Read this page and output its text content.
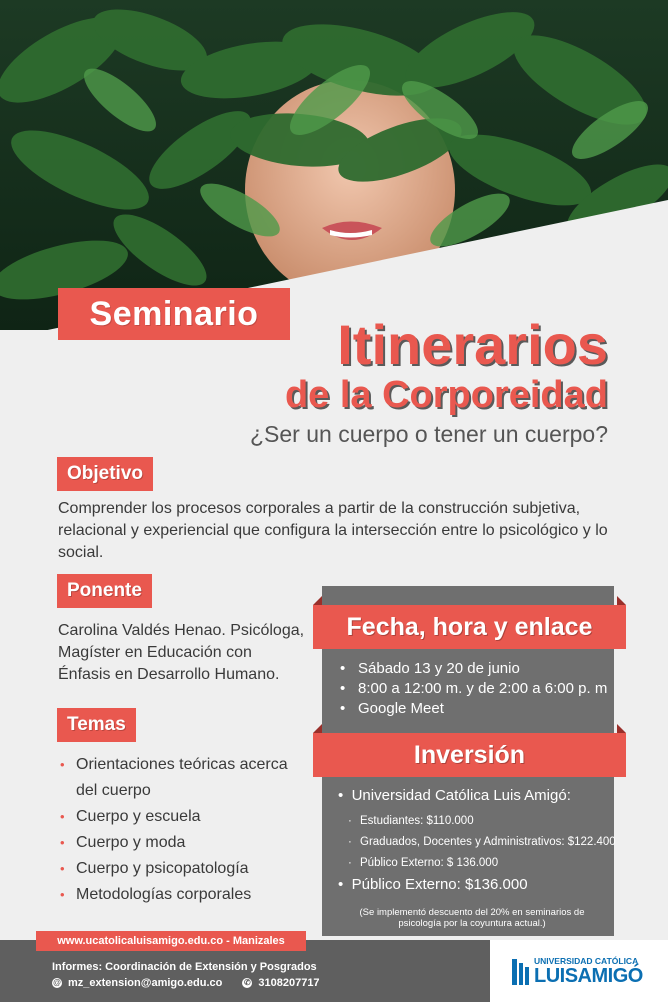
Seminario	Itinerarios
de la Corporeidad
¿Ser un cuerpo o tener un cuerpo?
Objetivo
Comprender los procesos corporales a partir de la construcción subjetiva, relacional y experiencial que configura la intersección entre lo psicológico y lo social.
Ponente
Carolina Valdés Henao. Psicóloga, Magíster en Educación con Énfasis en Desarrollo Humano.
Temas
• Orientaciones teóricas acerca del cuerpo
• Cuerpo y escuela
• Cuerpo y moda
• Cuerpo y psicopatología
• Metodologías corporales
Fecha, hora y enlace
• Sábado 13 y 20 de junio
• 8:00 a 12:00 m. y de 2:00 a 6:00 p. m
• Google Meet
Inversión
•  Universidad Católica Luis Amigó:
· Estudiantes: $110.000
· Graduados, Docentes y Administrativos: $122.400
· Público Externo: $ 136.000
•  Público Externo: $136.000
(Se implementó descuento del 20% en seminarios de psicología por la coyuntura actual.)
www.ucatolicaluisamigo.edu.co - Manizales
Informes: Coordinación de Extensión y Posgrados
@ mz_extension@amigo.edu.co	✆ 3108207717
UNIVERSIDAD CATÓLICA
LUISAMIGÓ
